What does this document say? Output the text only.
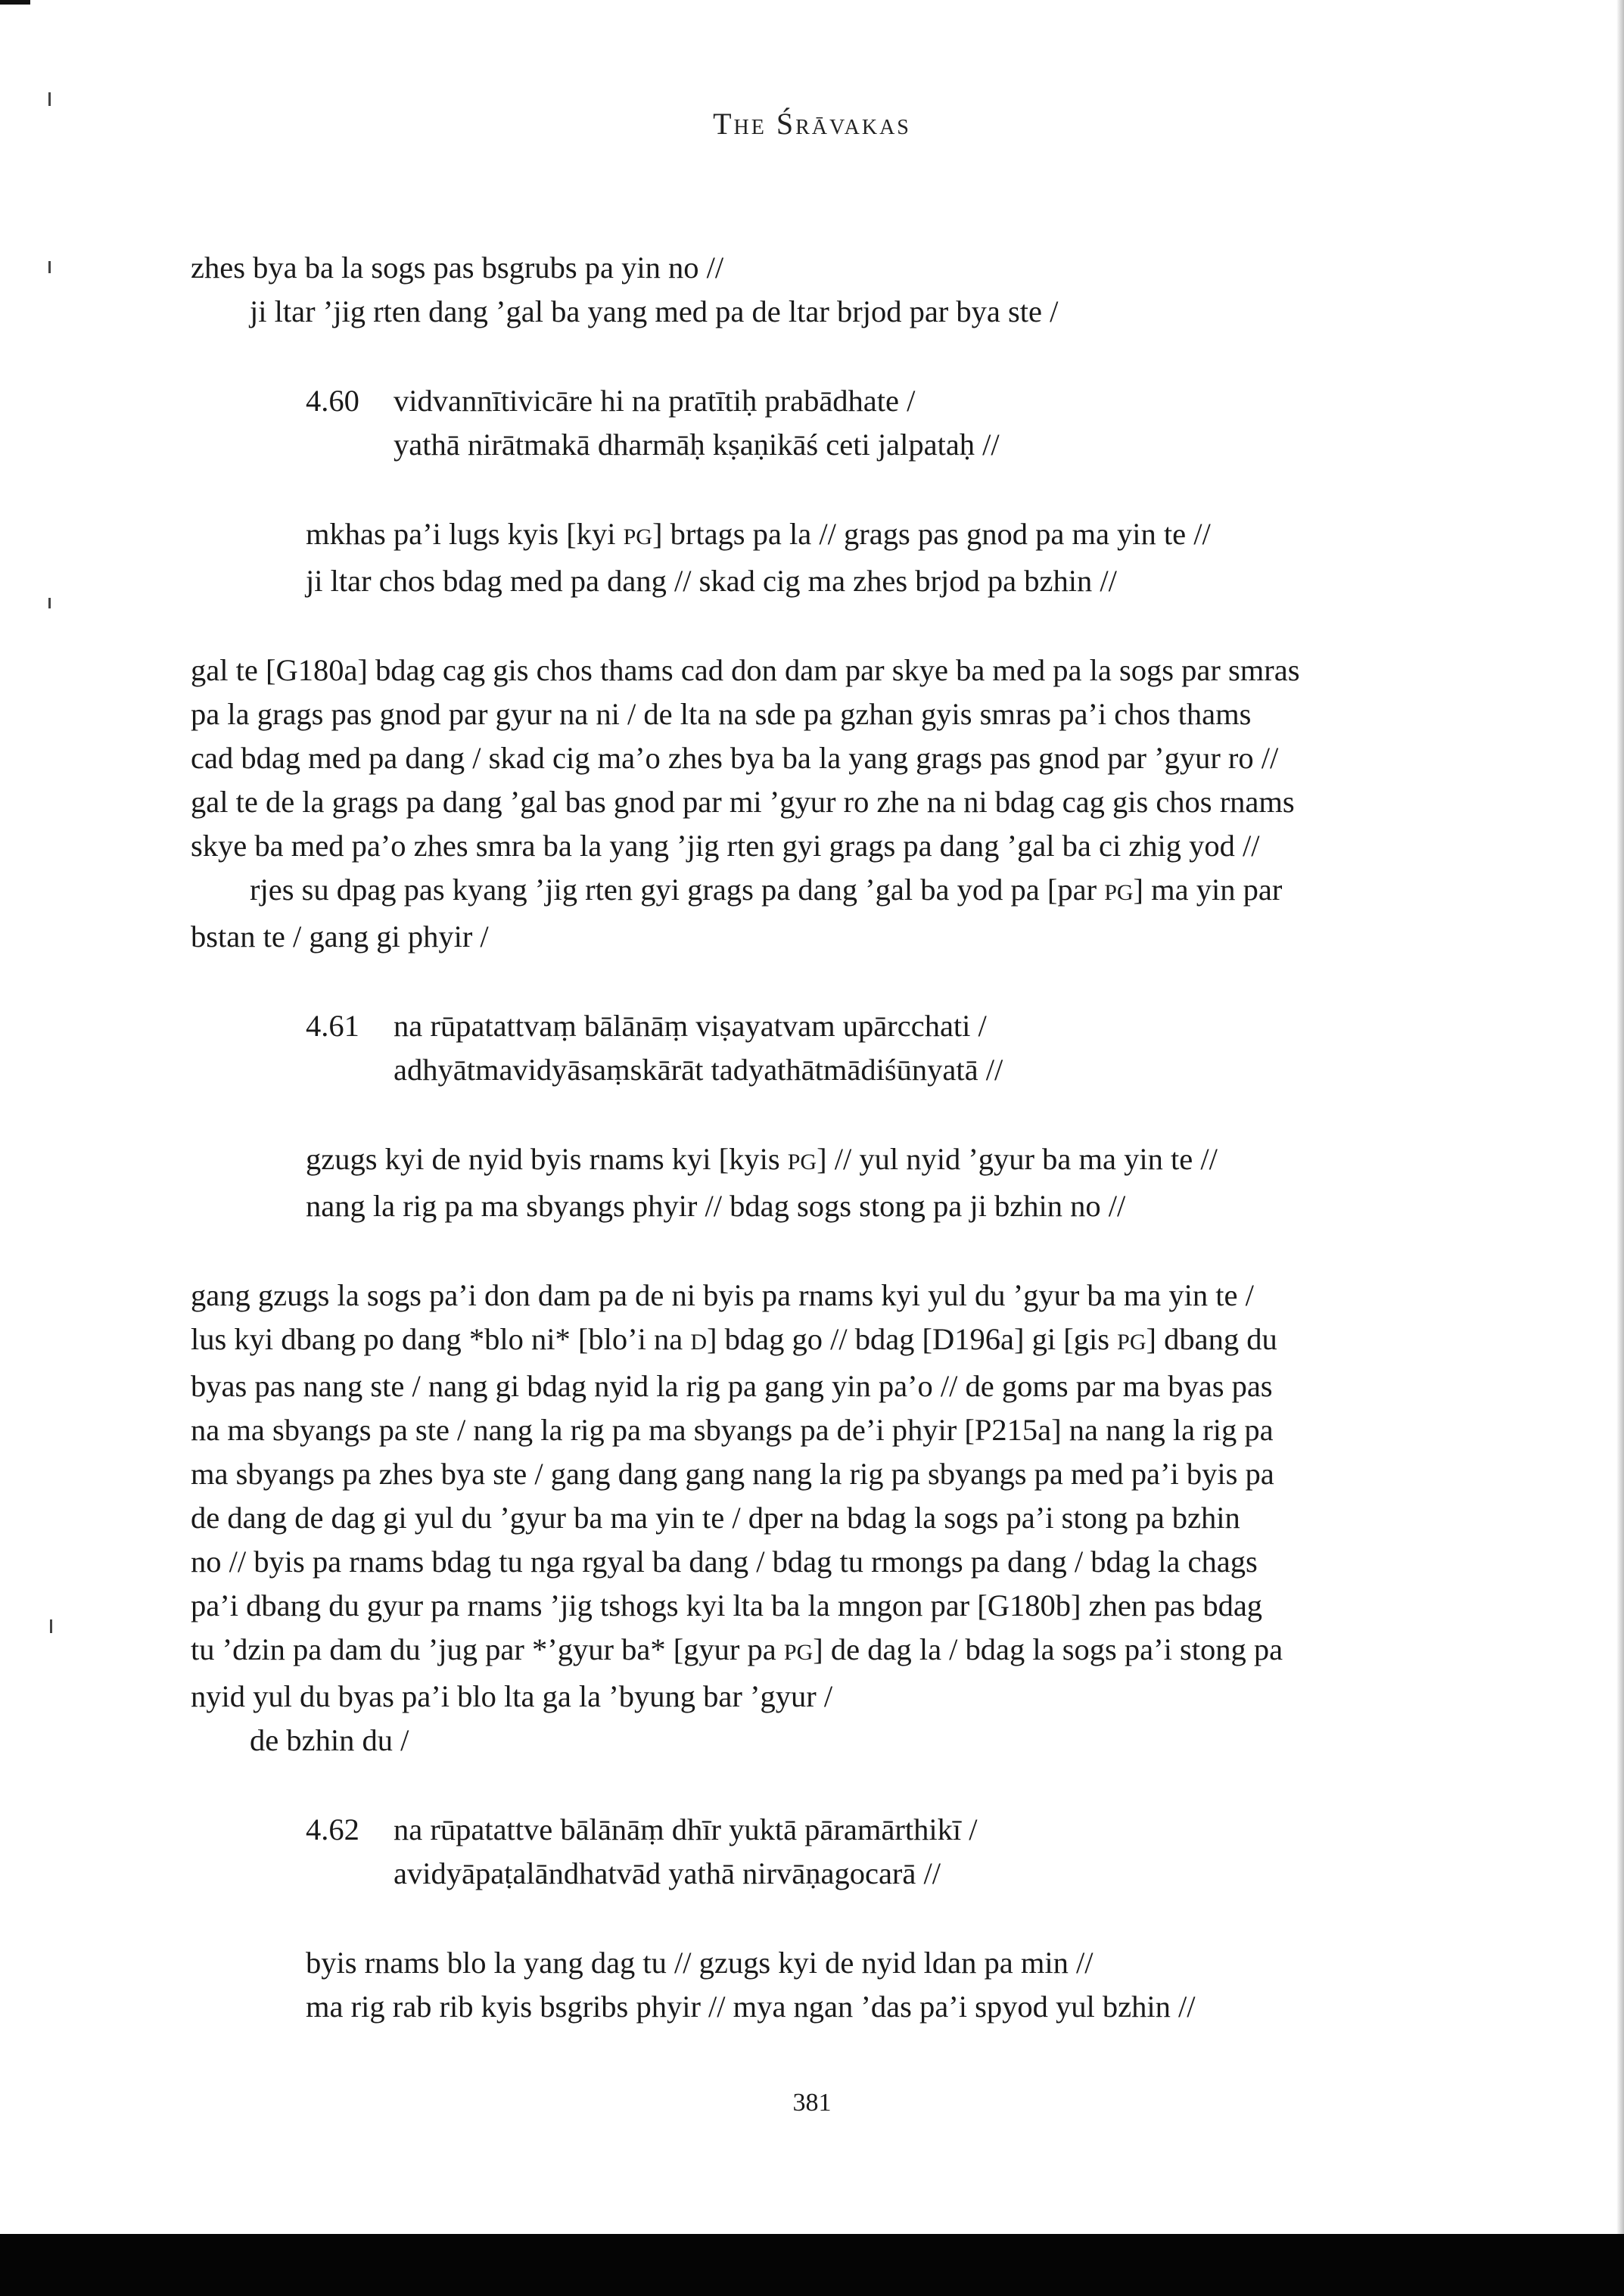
The Śrāvakas
zhes bya ba la sogs pas bsgrubs pa yin no //
ji ltar ’jig rten dang ’gal ba yang med pa de ltar brjod par bya ste /
4.60	vidvannītivicāre hi na pratītiḥ prabādhate /
yathā nirātmakā dharmāḥ kṣaṇikāś ceti jalpataḥ //
mkhas pa’i lugs kyis [kyi PG] brtags pa la // grags pas gnod pa ma yin te //
ji ltar chos bdag med pa dang // skad cig ma zhes brjod pa bzhin //
gal te [G180a] bdag cag gis chos thams cad don dam par skye ba med pa la sogs par smras
pa la grags pas gnod par gyur na ni / de lta na sde pa gzhan gyis smras pa’i chos thams
cad bdag med pa dang / skad cig ma’o zhes bya ba la yang grags pas gnod par ’gyur ro //
gal te de la grags pa dang ’gal bas gnod par mi ’gyur ro zhe na ni bdag cag gis chos rnams
skye ba med pa’o zhes smra ba la yang ’jig rten gyi grags pa dang ’gal ba ci zhig yod //
rjes su dpag pas kyang ’jig rten gyi grags pa dang ’gal ba yod pa [par PG] ma yin par
bstan te / gang gi phyir /
4.61	na rūpatattvaṃ bālānāṃ viṣayatvam upārcchati /
adhyātmavidyāsaṃskārāt tadyathātmādiśūnyatā //
gzugs kyi de nyid byis rnams kyi [kyis PG] // yul nyid ’gyur ba ma yin te //
nang la rig pa ma sbyangs phyir // bdag sogs stong pa ji bzhin no //
gang gzugs la sogs pa’i don dam pa de ni byis pa rnams kyi yul du ’gyur ba ma yin te /
lus kyi dbang po dang *blo ni* [blo’i na D] bdag go // bdag [D196a] gi [gis PG] dbang du
byas pas nang ste / nang gi bdag nyid la rig pa gang yin pa’o // de goms par ma byas pas
na ma sbyangs pa ste / nang la rig pa ma sbyangs pa de’i phyir [P215a] na nang la rig pa
ma sbyangs pa zhes bya ste / gang dang gang nang la rig pa sbyangs pa med pa’i byis pa
de dang de dag gi yul du ’gyur ba ma yin te / dper na bdag la sogs pa’i stong pa bzhin
no // byis pa rnams bdag tu nga rgyal ba dang / bdag tu rmongs pa dang / bdag la chags
pa’i dbang du gyur pa rnams ’jig tshogs kyi lta ba la mngon par [G180b] zhen pas bdag
tu ’dzin pa dam du ’jug par *’gyur ba* [gyur pa PG] de dag la / bdag la sogs pa’i stong pa
nyid yul du byas pa’i blo lta ga la ’byung bar ’gyur /
de bzhin du /
4.62	na rūpatattve bālānāṃ dhīr yuktā pāramārthikī /
avidyāpaṭalāndhatvād yathā nirvāṇagocarā //
byis rnams blo la yang dag tu // gzugs kyi de nyid ldan pa min //
ma rig rab rib kyis bsgribs phyir // mya ngan ’das pa’i spyod yul bzhin //
381
